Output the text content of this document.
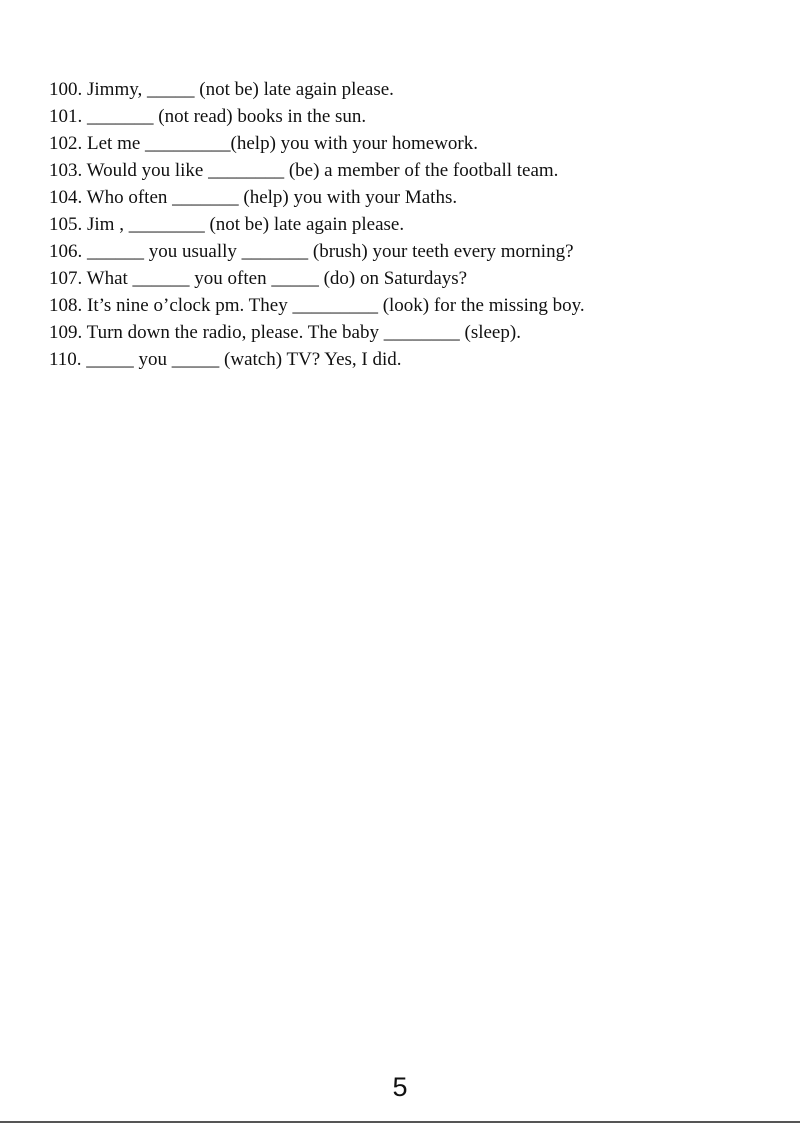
100. Jimmy, _____ (not be) late again please.
101. _______ (not read) books in the sun.
102. Let me _________(help) you with your homework.
103. Would you like ________ (be) a member of the football team.
104. Who often _______ (help) you with your Maths.
105. Jim , ________ (not be) late again please.
106. ______ you usually _______ (brush) your teeth every morning?
107. What ______ you often _____ (do) on Saturdays?
108. It’s nine o’clock pm. They _________ (look) for the missing boy.
109. Turn down the radio, please. The baby ________ (sleep).
110. _____ you _____ (watch) TV? Yes, I did.
5
